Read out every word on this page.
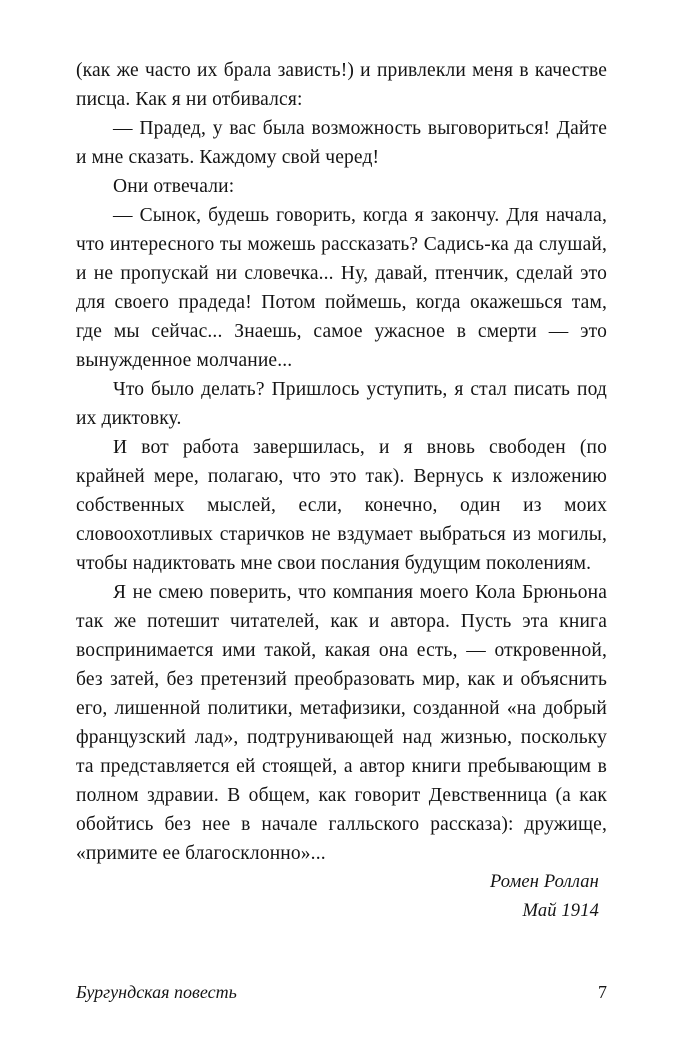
(как же часто их брала зависть!) и привлекли меня в качестве писца. Как я ни отбивался:

— Прадед, у вас была возможность выговориться! Дайте и мне сказать. Каждому свой черед!

Они отвечали:

— Сынок, будешь говорить, когда я закончу. Для начала, что интересного ты можешь рассказать? Садись-ка да слушай, и не пропускай ни словечка... Ну, давай, птенчик, сделай это для своего прадеда! Потом поймешь, когда окажешься там, где мы сейчас... Знаешь, самое ужасное в смерти — это вынужденное молчание...

Что было делать? Пришлось уступить, я стал писать под их диктовку.

И вот работа завершилась, и я вновь свободен (по крайней мере, полагаю, что это так). Вернусь к изложению собственных мыслей, если, конечно, один из моих словоохотливых старичков не вздумает выбраться из могилы, чтобы надиктовать мне свои послания будущим поколениям.

Я не смею поверить, что компания моего Кола Брюньона так же потешит читателей, как и автора. Пусть эта книга воспринимается ими такой, какая она есть, — откровенной, без затей, без претензий преобразовать мир, как и объяснить его, лишенной политики, метафизики, созданной «на добрый французский лад», подтрунивающей над жизнью, поскольку та представляется ей стоящей, а автор книги пребывающим в полном здравии. В общем, как говорит Девственница (а как обойтись без нее в начале галльского рассказа): дружище, «примите ее благосклонно»...

Ромен Роллан
Май 1914
Бургундская повесть	7
